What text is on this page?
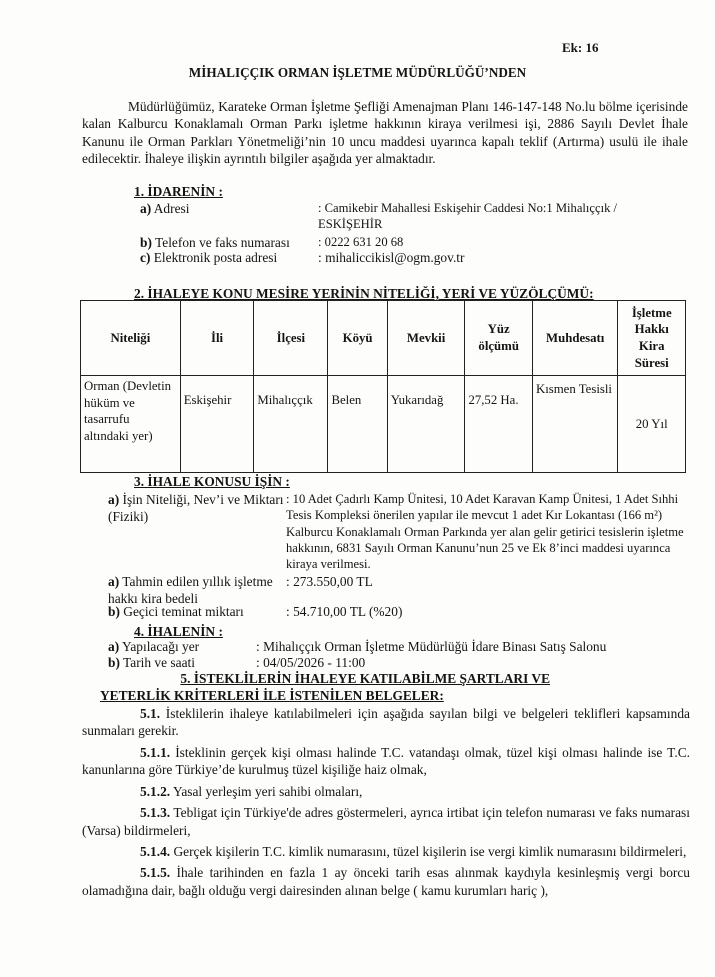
Ek: 16
MİHALIÇÇIK ORMAN İŞLETME MÜDÜRLÜĞÜ’NDEN

Müdürlüğümüz, Karateke Orman İşletme Şefliği Amenajman Planı 146-147-148 No.lu bölme içerisinde kalan Kalburcu Konaklamalı Orman Parkı işletme hakkının kiraya verilmesi işi, 2886 Sayılı Devlet İhale Kanunu ile Orman Parkları Yönetmeliği’nin 10 uncu maddesi uyarınca kapalı teklif (Artırma) usulü ile ihale edilecektir. İhaleye ilişkin ayrıntılı bilgiler aşağıda yer almaktadır.

1. İDARENİN :
a) Adresi	: Camikebir Mahallesi Eskişehir Caddesi No:1 Mihalıççık / ESKİŞEHİR
b) Telefon ve faks numarası	: 0222 631 20 68
c) Elektronik posta adresi	: mihaliccikisl@ogm.gov.tr
2. İHALEYE KONU MESİRE YERİNİN NİTELİĞİ, YERİ VE YÜZÖLÇÜMÜ:
Niteliği	İli	İlçesi	Köyü	Mevkii	Yüz ölçümü	Muhdesatı	İşletme Hakkı Kira Süresi
Orman (Devletin hüküm ve tasarrufu altındaki yer)	Eskişehir	Mihalıççık	Belen	Yukarıdağ	27,52 Ha.	Kısmen Tesisli	20 Yıl
3. İHALE KONUSU İŞİN :
a) İşin Niteliği, Nev’i ve Miktarı (Fiziki)
: 10 Adet Çadırlı Kamp Ünitesi, 10 Adet Karavan Kamp Ünitesi, 1 Adet Sıhhi Tesis Kompleksi önerilen yapılar ile mevcut 1 adet Kır Lokantası (166 m²) Kalburcu Konaklamalı Orman Parkında yer alan gelir getirici tesislerin işletme hakkının, 6831 Sayılı Orman Kanunu’nun 25 ve Ek 8’inci maddesi uyarınca kiraya verilmesi.
a) Tahmin edilen yıllık işletme hakkı kira bedeli
: 273.550,00 TL
b) Geçici teminat miktarı	: 54.710,00 TL (%20)
4. İHALENİN :
a) Yapılacağı yer	: Mihalıççık Orman İşletme Müdürlüğü İdare Binası Satış Salonu
b) Tarih ve saati	: 04/05/2026 - 11:00
5. İSTEKLİLERİN İHALEYE KATILABİLME ŞARTLARI VE
YETERLİK KRİTERLERİ İLE İSTENİLEN BELGELER:

5.1. İsteklilerin ihaleye katılabilmeleri için aşağıda sayılan bilgi ve belgeleri teklifleri kapsamında sunmaları gerekir.

5.1.1. İsteklinin gerçek kişi olması halinde T.C. vatandaşı olmak, tüzel kişi olması halinde ise T.C. kanunlarına göre Türkiye’de kurulmuş tüzel kişiliğe haiz olmak,

5.1.2. Yasal yerleşim yeri sahibi olmaları,

5.1.3. Tebligat için Türkiye'de adres göstermeleri, ayrıca irtibat için telefon numarası ve faks numarası (Varsa) bildirmeleri,

5.1.4. Gerçek kişilerin T.C. kimlik numarasını, tüzel kişilerin ise vergi kimlik numarasını bildirmeleri,

5.1.5. İhale tarihinden en fazla 1 ay önceki tarih esas alınmak kaydıyla kesinleşmiş vergi borcu olamadığına dair, bağlı olduğu vergi dairesinden alınan belge ( kamu kurumları hariç ),
